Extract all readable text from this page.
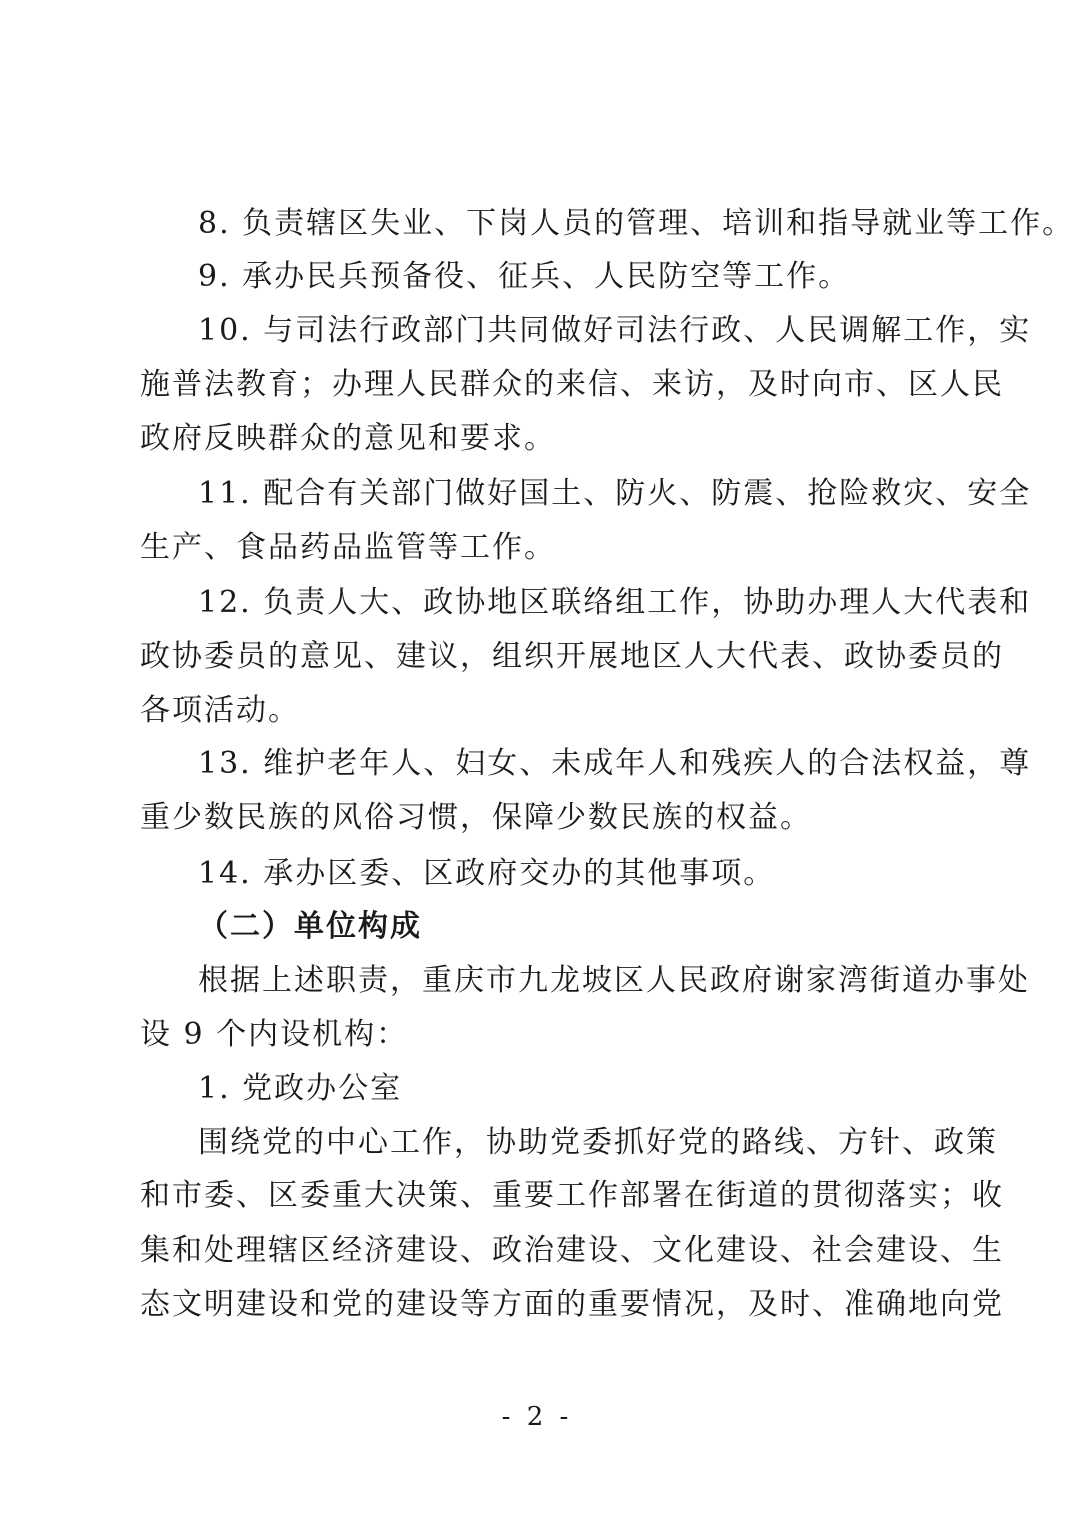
8. 负责辖区失业、下岗人员的管理、培训和指导就业等工作。
9. 承办民兵预备役、征兵、人民防空等工作。
10. 与司法行政部门共同做好司法行政、人民调解工作，实
施普法教育；办理人民群众的来信、来访，及时向市、区人民
政府反映群众的意见和要求。
11. 配合有关部门做好国土、防火、防震、抢险救灾、安全
生产、食品药品监管等工作。
12. 负责人大、政协地区联络组工作，协助办理人大代表和
政协委员的意见、建议，组织开展地区人大代表、政协委员的
各项活动。
13. 维护老年人、妇女、未成年人和残疾人的合法权益，尊
重少数民族的风俗习惯，保障少数民族的权益。
14. 承办区委、区政府交办的其他事项。
（二）单位构成
根据上述职责，重庆市九龙坡区人民政府谢家湾街道办事处
设 9 个内设机构：
1. 党政办公室
围绕党的中心工作，协助党委抓好党的路线、方针、政策
和市委、区委重大决策、重要工作部署在街道的贯彻落实；收
集和处理辖区经济建设、政治建设、文化建设、社会建设、生
态文明建设和党的建设等方面的重要情况，及时、准确地向党
- 2 -
